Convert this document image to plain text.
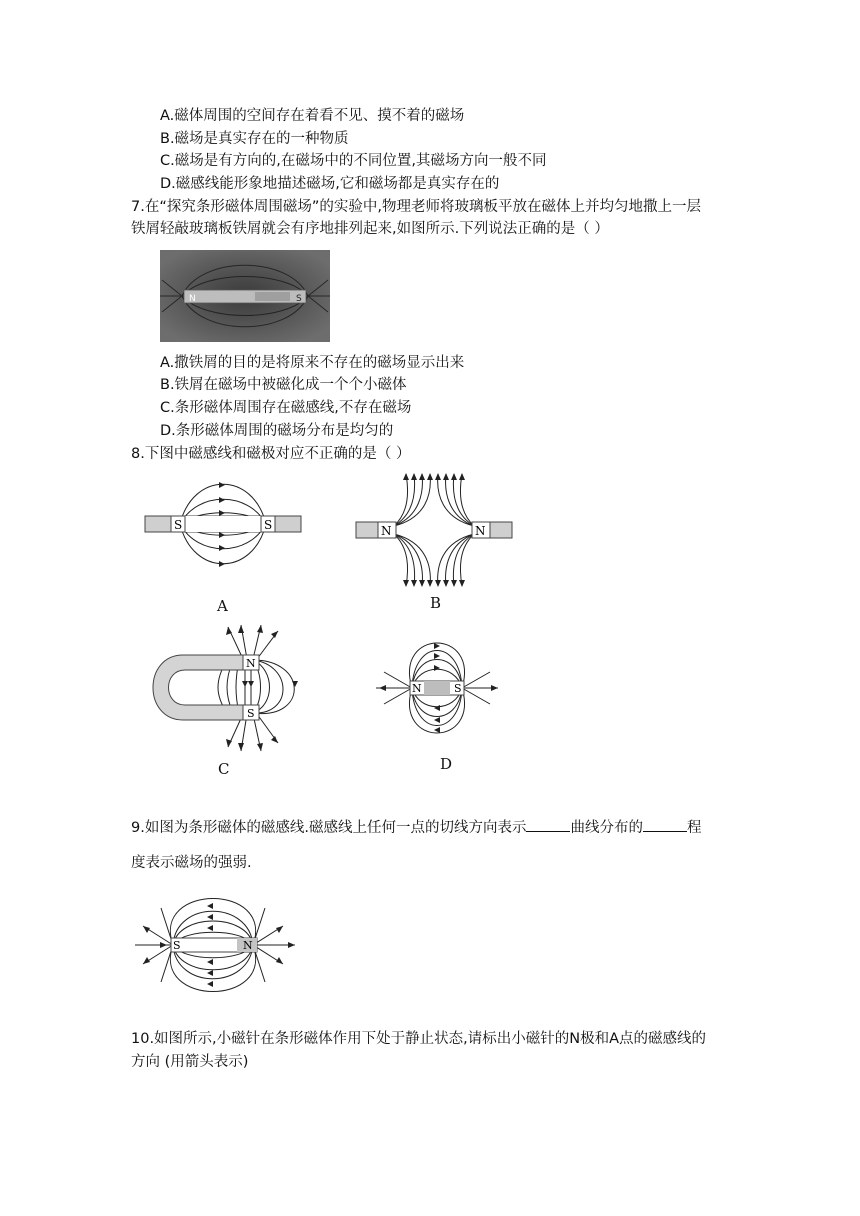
A.磁体周围的空间存在着看不见、摸不着的磁场
B.磁场是真实存在的一种物质
C.磁场是有方向的,在磁场中的不同位置,其磁场方向一般不同
D.磁感线能形象地描述磁场,它和磁场都是真实存在的
7.在“探究条形磁体周围磁场”的实验中,物理老师将玻璃板平放在磁体上并均匀地撒上一层
铁屑轻敲玻璃板铁屑就会有序地排列起来,如图所示.下列说法正确的是（ ）
N	S
A.撒铁屑的目的是将原来不存在的磁场显示出来
B.铁屑在磁场中被磁化成一个个小磁体
C.条形磁体周围存在磁感线,不存在磁场
D.条形磁体周围的磁场分布是均匀的
8.下图中磁感线和磁极对应不正确的是（ ）
S	S
A
N	N
B
N
S
C
N	S
D
9.如图为条形磁体的磁感线.磁感线上任何一点的切线方向表示	曲线分布的	程
度表示磁场的强弱.
S	N
10.如图所示,小磁针在条形磁体作用下处于静止状态,请标出小磁针的N极和A点的磁感线的
方向 (用箭头表示)
